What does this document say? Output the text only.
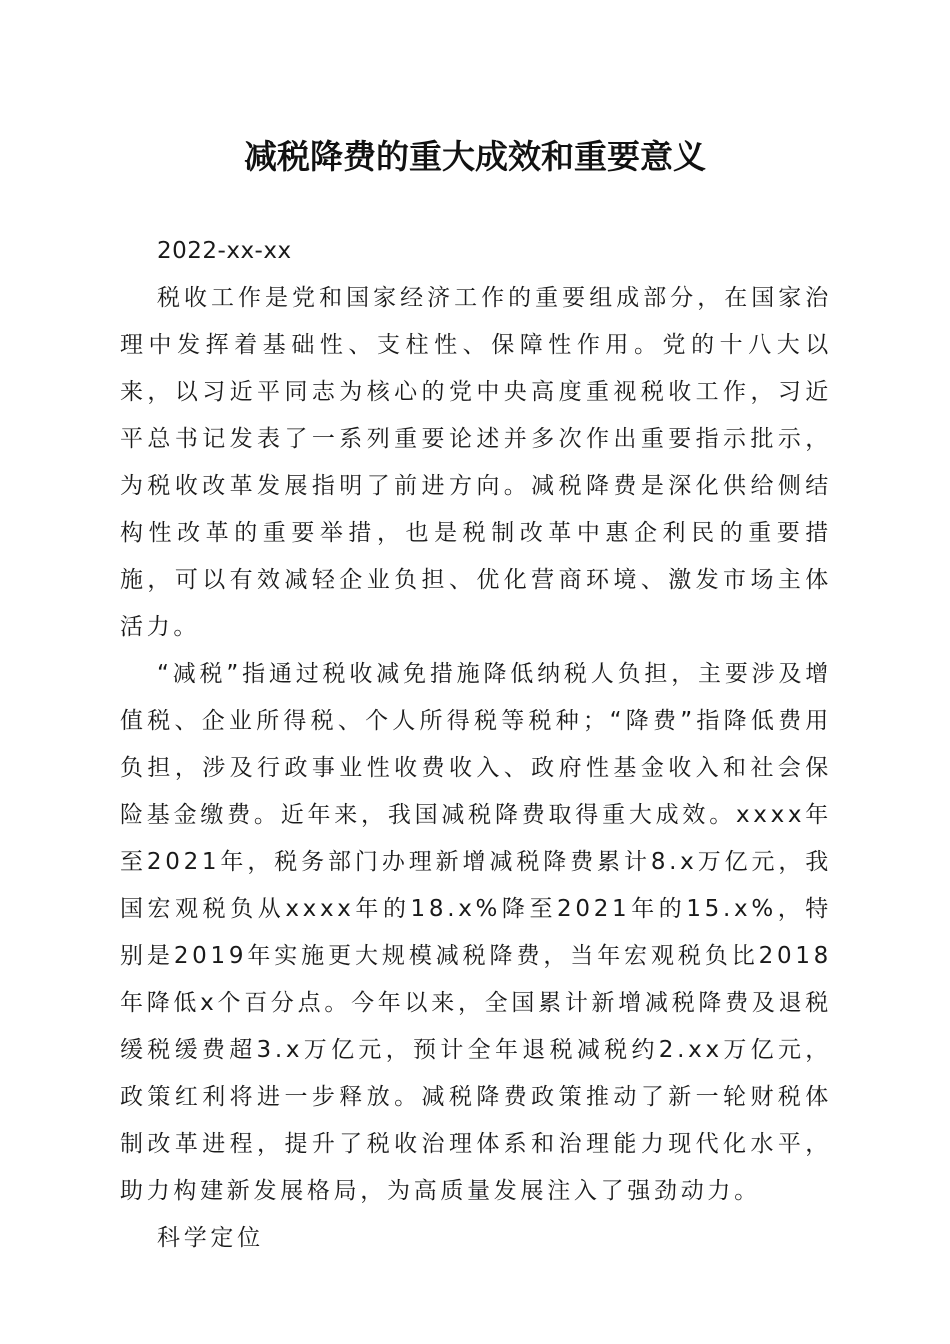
减税降费的重大成效和重要意义

2022-xx-xx

税收工作是党和国家经济工作的重要组成部分，在国家治理中发挥着基础性、支柱性、保障性作用。党的十八大以来，以习近平同志为核心的党中央高度重视税收工作，习近平总书记发表了一系列重要论述并多次作出重要指示批示，为税收改革发展指明了前进方向。减税降费是深化供给侧结构性改革的重要举措，也是税制改革中惠企利民的重要措施，可以有效减轻企业负担、优化营商环境、激发市场主体活力。

“减税”指通过税收减免措施降低纳税人负担，主要涉及增值税、企业所得税、个人所得税等税种；“降费”指降低费用负担，涉及行政事业性收费收入、政府性基金收入和社会保险基金缴费。近年来，我国减税降费取得重大成效。xxxx年至2021年，税务部门办理新增减税降费累计8.x万亿元，我国宏观税负从xxxx年的18.x%降至2021年的15.x%，特别是2019年实施更大规模减税降费，当年宏观税负比2018年降低x个百分点。今年以来，全国累计新增减税降费及退税缓税缓费超3.x万亿元，预计全年退税减税约2.xx万亿元，政策红利将进一步释放。减税降费政策推动了新一轮财税体制改革进程，提升了税收治理体系和治理能力现代化水平，助力构建新发展格局，为高质量发展注入了强劲动力。

科学定位
